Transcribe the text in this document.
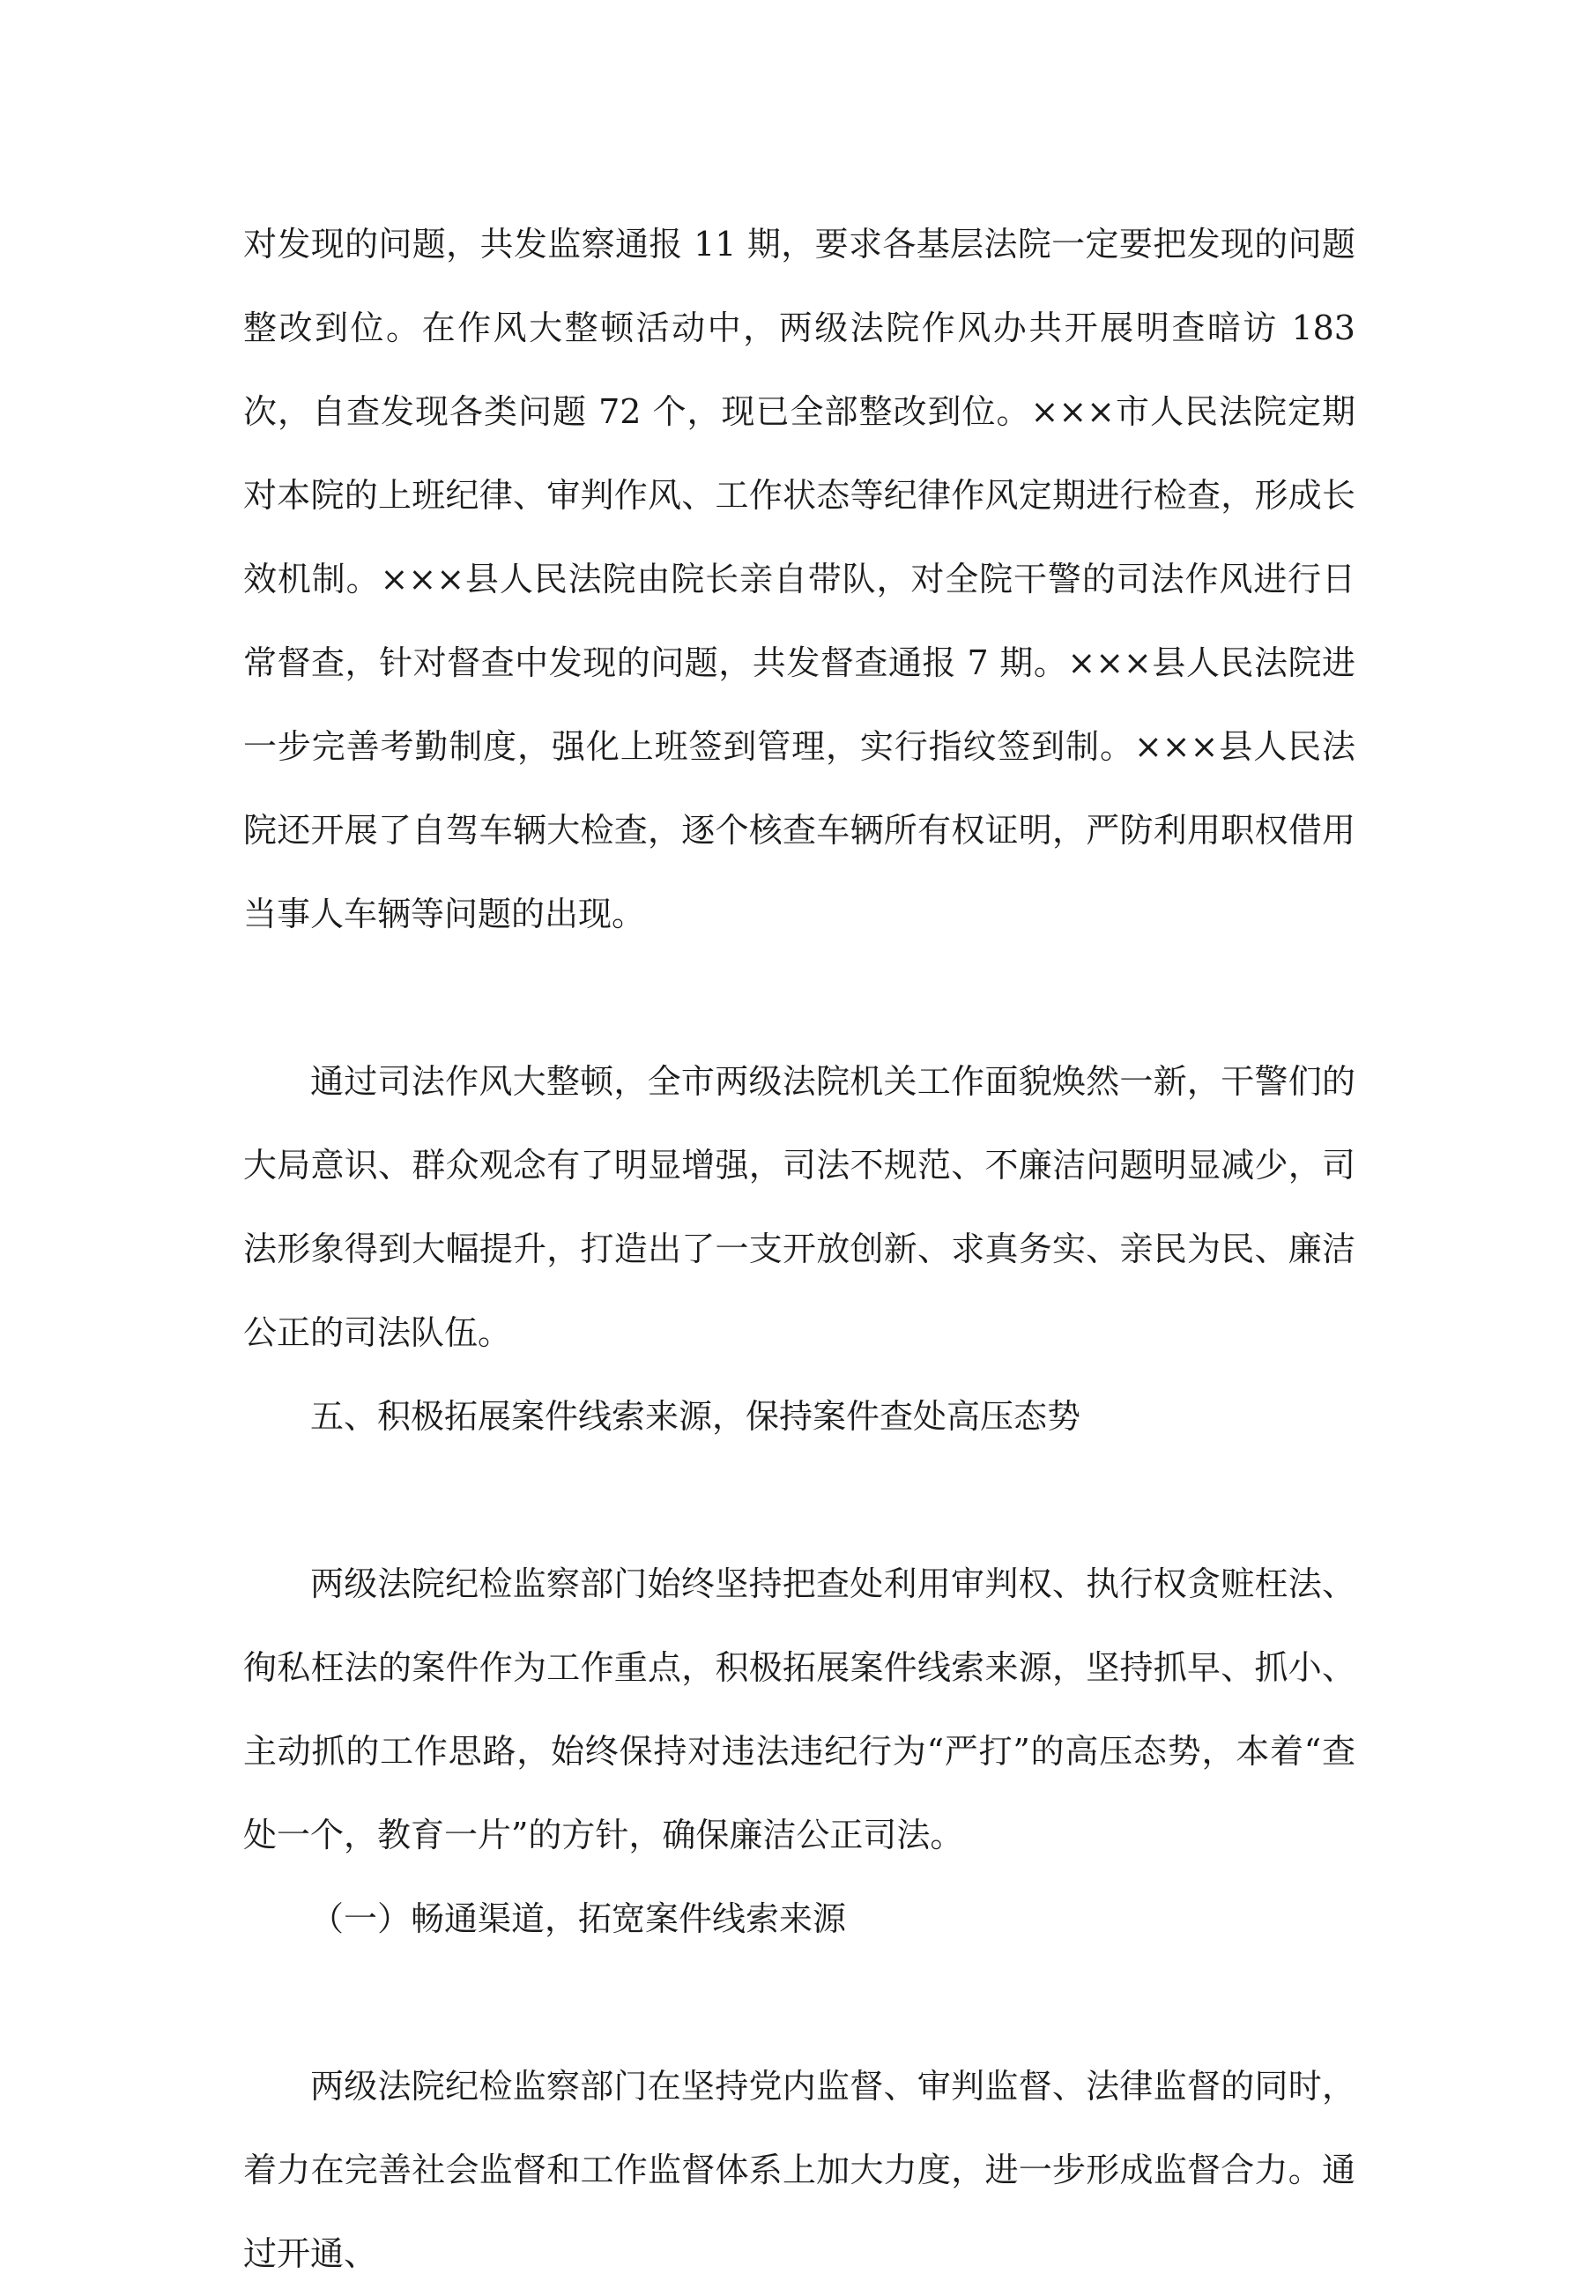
对发现的问题，共发监察通报 11 期，要求各基层法院一定要把发现的问题整改到位。在作风大整顿活动中，两级法院作风办共开展明查暗访 183 次，自查发现各类问题 72 个，现已全部整改到位。×××市人民法院定期对本院的上班纪律、审判作风、工作状态等纪律作风定期进行检查，形成长效机制。×××县人民法院由院长亲自带队，对全院干警的司法作风进行日常督查，针对督查中发现的问题，共发督查通报 7 期。×××县人民法院进一步完善考勤制度，强化上班签到管理，实行指纹签到制。×××县人民法院还开展了自驾车辆大检查，逐个核查车辆所有权证明，严防利用职权借用当事人车辆等问题的出现。

通过司法作风大整顿，全市两级法院机关工作面貌焕然一新，干警们的大局意识、群众观念有了明显增强，司法不规范、不廉洁问题明显减少，司法形象得到大幅提升，打造出了一支开放创新、求真务实、亲民为民、廉洁公正的司法队伍。

五、积极拓展案件线索来源，保持案件查处高压态势

两级法院纪检监察部门始终坚持把查处利用审判权、执行权贪赃枉法、徇私枉法的案件作为工作重点，积极拓展案件线索来源，坚持抓早、抓小、主动抓的工作思路，始终保持对违法违纪行为“严打”的高压态势，本着“查处一个，教育一片”的方针，确保廉洁公正司法。

（一）畅通渠道，拓宽案件线索来源

两级法院纪检监察部门在坚持党内监督、审判监督、法律监督的同时，着力在完善社会监督和工作监督体系上加大力度，进一步形成监督合力。通过开通、
